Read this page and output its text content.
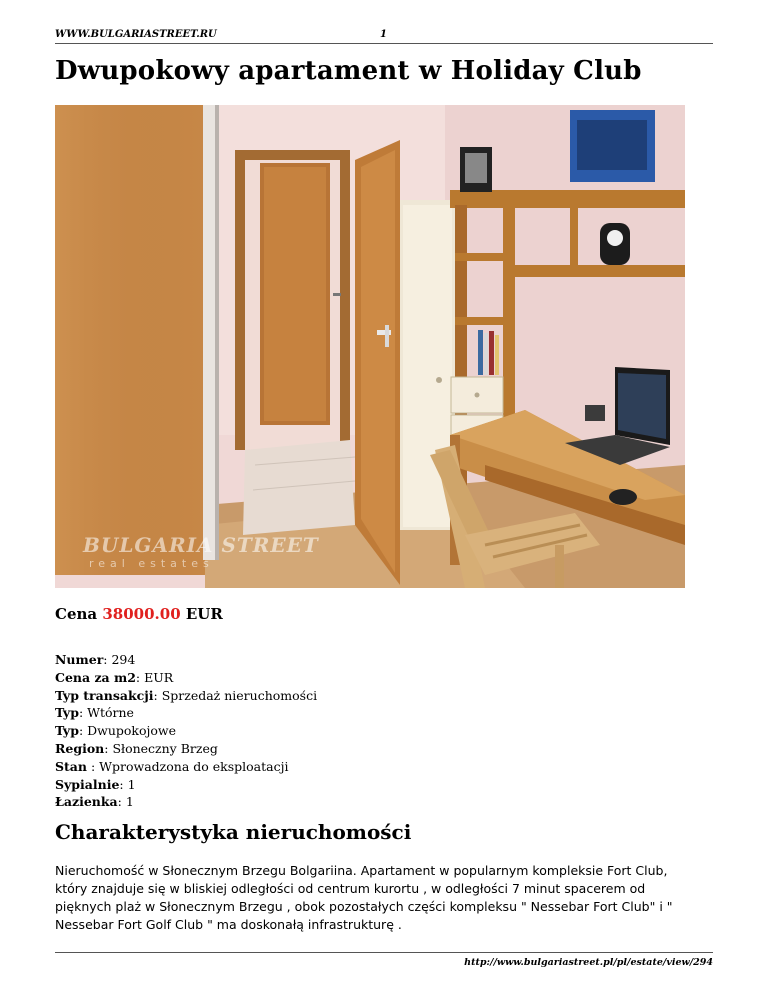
WWW.BULGARIASTREET.RU	1
Dwupokowy apartament w Holiday Club
BULGARIA STREET
real estates
Cena 38000.00 EUR
Numer: 294
Cena za m2: EUR
Typ transakcji: Sprzedaż nieruchomości
Typ: Wtórne
Typ: Dwupokojowe
Region: Słoneczny Brzeg
Stan : Wprowadzona do eksploatacji
Sypialnie: 1
Łazienka: 1
Charakterystyka nieruchomości
Nieruchomość w Słonecznym Brzegu Bolgariina. Apartament w popularnym kompleksie Fort Club,
który znajduje się w bliskiej odległości od centrum kurortu , w odległości 7 minut spacerem od
pięknych plaż w Słonecznym Brzegu , obok pozostałych części kompleksu " Nessebar Fort Club" i "
Nessebar Fort Golf Club " ma doskonałą infrastrukturę .
http://www.bulgariastreet.pl/pl/estate/view/294
